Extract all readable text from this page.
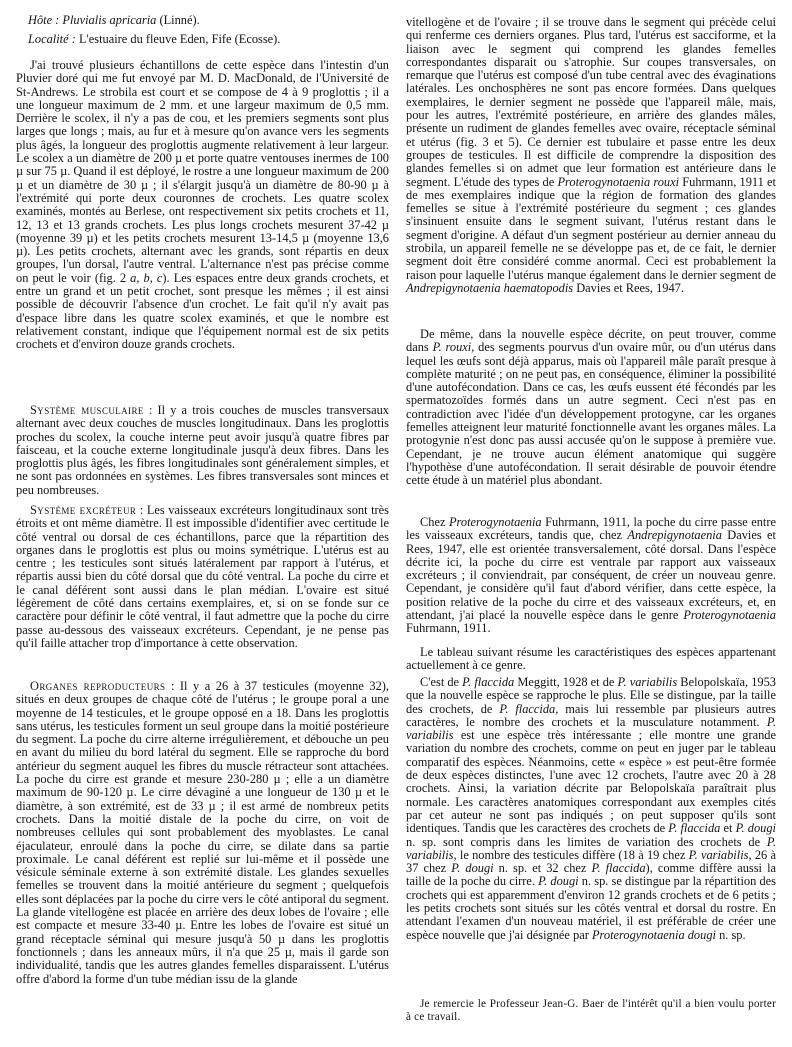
Hôte : Pluvialis apricaria (Linné).

Localité : L'estuaire du fleuve Eden, Fife (Ecosse).

J'ai trouvé plusieurs échantillons de cette espèce dans l'intestin d'un Pluvier doré qui me fut envoyé par M. D. MacDonald, de l'Université de St-Andrews. Le strobila est court et se compose de 4 à 9 proglottis ; il a une longueur maximum de 2 mm. et une largeur maximum de 0,5 mm. Derrière le scolex, il n'y a pas de cou, et les premiers segments sont plus larges que longs ; mais, au fur et à mesure qu'on avance vers les segments plus âgés, la longueur des proglottis augmente relativement à leur largeur. Le scolex a un diamètre de 200 µ et porte quatre ventouses inermes de 100 µ sur 75 µ. Quand il est déployé, le rostre a une longueur maximum de 200 µ et un diamètre de 30 µ ; il s'élargit jusqu'à un diamètre de 80-90 µ à l'extrémité qui porte deux couronnes de crochets. Les quatre scolex examinés, montés au Berlese, ont respectivement six petits crochets et 11, 12, 13 et 13 grands crochets. Les plus longs crochets mesurent 37-42 µ (moyenne 39 µ) et les petits crochets mesurent 13-14,5 µ (moyenne 13,6 µ). Les petits crochets, alternant avec les grands, sont répartis en deux groupes, l'un dorsal, l'autre ventral. L'alternance n'est pas précise comme on peut le voir (fig. 2 a, b, c). Les espaces entre deux grands crochets, et entre un grand et un petit crochet, sont presque les mêmes ; il est ainsi possible de découvrir l'absence d'un crochet. Le fait qu'il n'y avait pas d'espace libre dans les quatre scolex examinés, et que le nombre est relativement constant, indique que l'équipement normal est de six petits crochets et d'environ douze grands crochets.

Système musculaire : Il y a trois couches de muscles transversaux alternant avec deux couches de muscles longitudinaux. Dans les proglottis proches du scolex, la couche interne peut avoir jusqu'à quatre fibres par faisceau, et la couche externe longitudinale jusqu'à deux fibres. Dans les proglottis plus âgés, les fibres longitudinales sont généralement simples, et ne sont pas ordonnées en systèmes. Les fibres transversales sont minces et peu nombreuses.

Système excréteur : Les vaisseaux excréteurs longitudinaux sont très étroits et ont même diamètre. Il est impossible d'identifier avec certitude le côté ventral ou dorsal de ces échantillons, parce que la répartition des organes dans le proglottis est plus ou moins symétrique. L'utérus est au centre ; les testicules sont situés latéralement par rapport à l'utérus, et répartis aussi bien du côté dorsal que du côté ventral. La poche du cirre et le canal déférent sont aussi dans le plan médian. L'ovaire est situé légèrement de côté dans certains exemplaires, et, si on se fonde sur ce caractère pour définir le côté ventral, il faut admettre que la poche du cirre passe au-dessous des vaisseaux excréteurs. Cependant, je ne pense pas qu'il faille attacher trop d'importance à cette observation.

Organes reproducteurs : Il y a 26 à 37 testicules (moyenne 32), situés en deux groupes de chaque côté de l'utérus ; le groupe poral a une moyenne de 14 testicules, et le groupe opposé en a 18. Dans les proglottis sans utérus, les testicules forment un seul groupe dans la moitié postérieure du segment. La poche du cirre alterne irrégulièrement, et débouche un peu en avant du milieu du bord latéral du segment. Elle se rapproche du bord antérieur du segment auquel les fibres du muscle rétracteur sont attachées. La poche du cirre est grande et mesure 230-280 µ ; elle a un diamètre maximum de 90-120 µ. Le cirre dévaginé a une longueur de 130 µ et le diamètre, à son extrémité, est de 33 µ ; il est armé de nombreux petits crochets. Dans la moitié distale de la poche du cirre, on voit de nombreuses cellules qui sont probablement des myoblastes. Le canal éjaculateur, enroulé dans la poche du cirre, se dilate dans sa partie proximale. Le canal déférent est replié sur lui-même et il possède une vésicule séminale externe à son extrémité distale. Les glandes sexuelles femelles se trouvent dans la moitié antérieure du segment ; quelquefois elles sont déplacées par la poche du cirre vers le côté antiporal du segment. La glande vitellogène est placée en arrière des deux lobes de l'ovaire ; elle est compacte et mesure 33-40 µ. Entre les lobes de l'ovaire est situé un grand réceptacle séminal qui mesure jusqu'à 50 µ dans les proglottis fonctionnels ; dans les anneaux mûrs, il n'a que 25 µ, mais il garde son individualité, tandis que les autres glandes femelles disparaissent. L'utérus offre d'abord la forme d'un tube médian issu de la glande

vitellogène et de l'ovaire ; il se trouve dans le segment qui précède celui qui renferme ces derniers organes. Plus tard, l'utérus est sacciforme, et la liaison avec le segment qui comprend les glandes femelles correspondantes disparait ou s'atrophie. Sur coupes transversales, on remarque que l'utérus est composé d'un tube central avec des évaginations latérales. Les onchosphères ne sont pas encore formées. Dans quelques exemplaires, le dernier segment ne possède que l'appareil mâle, mais, pour les autres, l'extrémité postérieure, en arrière des glandes mâles, présente un rudiment de glandes femelles avec ovaire, réceptacle séminal et utérus (fig. 3 et 5). Ce dernier est tubulaire et passe entre les deux groupes de testicules. Il est difficile de comprendre la disposition des glandes femelles si on admet que leur formation est antérieure dans le segment. L'étude des types de Proterogynotaenia rouxi Fuhrmann, 1911 et de mes exemplaires indique que la région de formation des glandes femelles se situe à l'extrémité postérieure du segment ; ces glandes s'insinuent ensuite dans le segment suivant, l'utérus restant dans le segment d'origine. A défaut d'un segment postérieur au dernier anneau du strobila, un appareil femelle ne se développe pas et, de ce fait, le dernier segment doit être considéré comme anormal. Ceci est probablement la raison pour laquelle l'utérus manque également dans le dernier segment de Andrepigynotaenia haematopodis Davies et Rees, 1947.

De même, dans la nouvelle espèce décrite, on peut trouver, comme dans P. rouxi, des segments pourvus d'un ovaire mûr, ou d'un utérus dans lequel les œufs sont déjà apparus, mais où l'appareil mâle paraît presque à complète maturité ; on ne peut pas, en conséquence, éliminer la possibilité d'une autofécondation. Dans ce cas, les œufs eussent été fécondés par les spermatozoïdes formés dans un autre segment. Ceci n'est pas en contradiction avec l'idée d'un développement protogyne, car les organes femelles atteignent leur maturité fonctionnelle avant les organes mâles. La protogynie n'est donc pas aussi accusée qu'on le suppose à première vue. Cependant, je ne trouve aucun élément anatomique qui suggère l'hypothèse d'une autofécondation. Il serait désirable de pouvoir étendre cette étude à un matériel plus abondant.

Chez Proterogynotaenia Fuhrmann, 1911, la poche du cirre passe entre les vaisseaux excréteurs, tandis que, chez Andrepigynotaenia Davies et Rees, 1947, elle est orientée transversalement, côté dorsal. Dans l'espèce décrite ici, la poche du cirre est ventrale par rapport aux vaisseaux excréteurs ; il conviendrait, par conséquent, de créer un nouveau genre. Cependant, je considère qu'il faut d'abord vérifier, dans cette espèce, la position relative de la poche du cirre et des vaisseaux excréteurs, et, en attendant, j'ai placé la nouvelle espèce dans le genre Proterogynotaenia Fuhrmann, 1911.

Le tableau suivant résume les caractéristiques des espèces appartenant actuellement à ce genre.

C'est de P. flaccida Meggitt, 1928 et de P. variabilis Belopolskaïa, 1953 que la nouvelle espèce se rapproche le plus. Elle se distingue, par la taille des crochets, de P. flaccida, mais lui ressemble par plusieurs autres caractères, le nombre des crochets et la musculature notamment. P. variabilis est une espèce très intéressante ; elle montre une grande variation du nombre des crochets, comme on peut en juger par le tableau comparatif des espèces. Néanmoins, cette « espèce » est peut-être formée de deux espèces distinctes, l'une avec 12 crochets, l'autre avec 20 à 28 crochets. Ainsi, la variation décrite par Belopolskaïa paraîtrait plus normale. Les caractères anatomiques correspondant aux exemples cités par cet auteur ne sont pas indiqués ; on peut supposer qu'ils sont identiques. Tandis que les caractères des crochets de P. flaccida et P. dougi n. sp. sont compris dans les limites de variation des crochets de P. variabilis, le nombre des testicules diffère (18 à 19 chez P. variabilis, 26 à 37 chez P. dougi n. sp. et 32 chez P. flaccida), comme diffère aussi la taille de la poche du cirre. P. dougi n. sp. se distingue par la répartition des crochets qui est apparemment d'environ 12 grands crochets et de 6 petits ; les petits crochets sont situés sur les côtés ventral et dorsal du rostre. En attendant l'examen d'un nouveau matériel, il est préférable de créer une espèce nouvelle que j'ai désignée par Proterogynotaenia dougi n. sp.

Je remercie le Professeur Jean-G. Baer de l'intérêt qu'il a bien voulu porter à ce travail.
